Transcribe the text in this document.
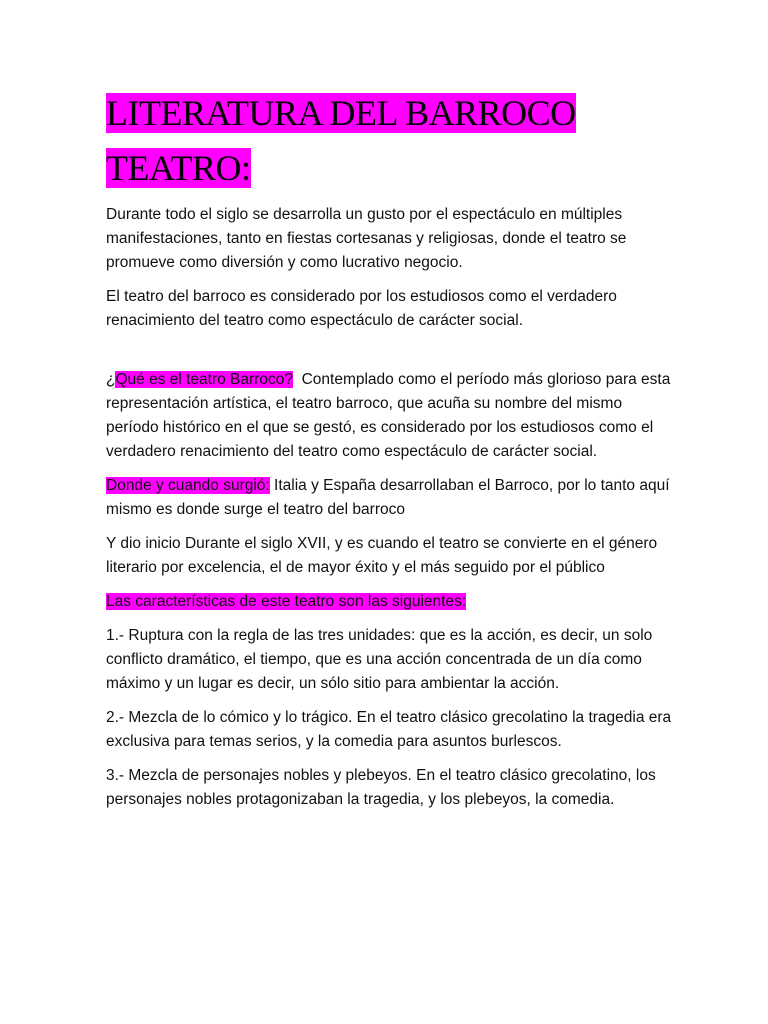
LITERATURA DEL BARROCO
TEATRO:

Durante todo el siglo se desarrolla un gusto por el espectáculo en múltiples manifestaciones, tanto en fiestas cortesanas y religiosas, donde el teatro se promueve como diversión y como lucrativo negocio.

El teatro del barroco es considerado por los estudiosos como el verdadero renacimiento del teatro como espectáculo de carácter social.

¿Qué es el teatro Barroco?  Contemplado como el período más glorioso para esta representación artística, el teatro barroco, que acuña su nombre del mismo período histórico en el que se gestó, es considerado por los estudiosos como el verdadero renacimiento del teatro como espectáculo de carácter social.

Donde y cuando surgió: Italia y España desarrollaban el Barroco, por lo tanto aquí mismo es donde surge el teatro del barroco

Y dio inicio Durante el siglo XVII, y es cuando el teatro se convierte en el género literario por excelencia, el de mayor éxito y el más seguido por el público

Las características de este teatro son las siguientes:

1.- Ruptura con la regla de las tres unidades: que es la acción, es decir, un solo conflicto dramático, el tiempo, que es una acción concentrada de un día como máximo y un lugar es decir, un sólo sitio para ambientar la acción.

2.- Mezcla de lo cómico y lo trágico. En el teatro clásico grecolatino la tragedia era exclusiva para temas serios, y la comedia para asuntos burlescos.

3.- Mezcla de personajes nobles y plebeyos. En el teatro clásico grecolatino, los personajes nobles protagonizaban la tragedia, y los plebeyos, la comedia.
